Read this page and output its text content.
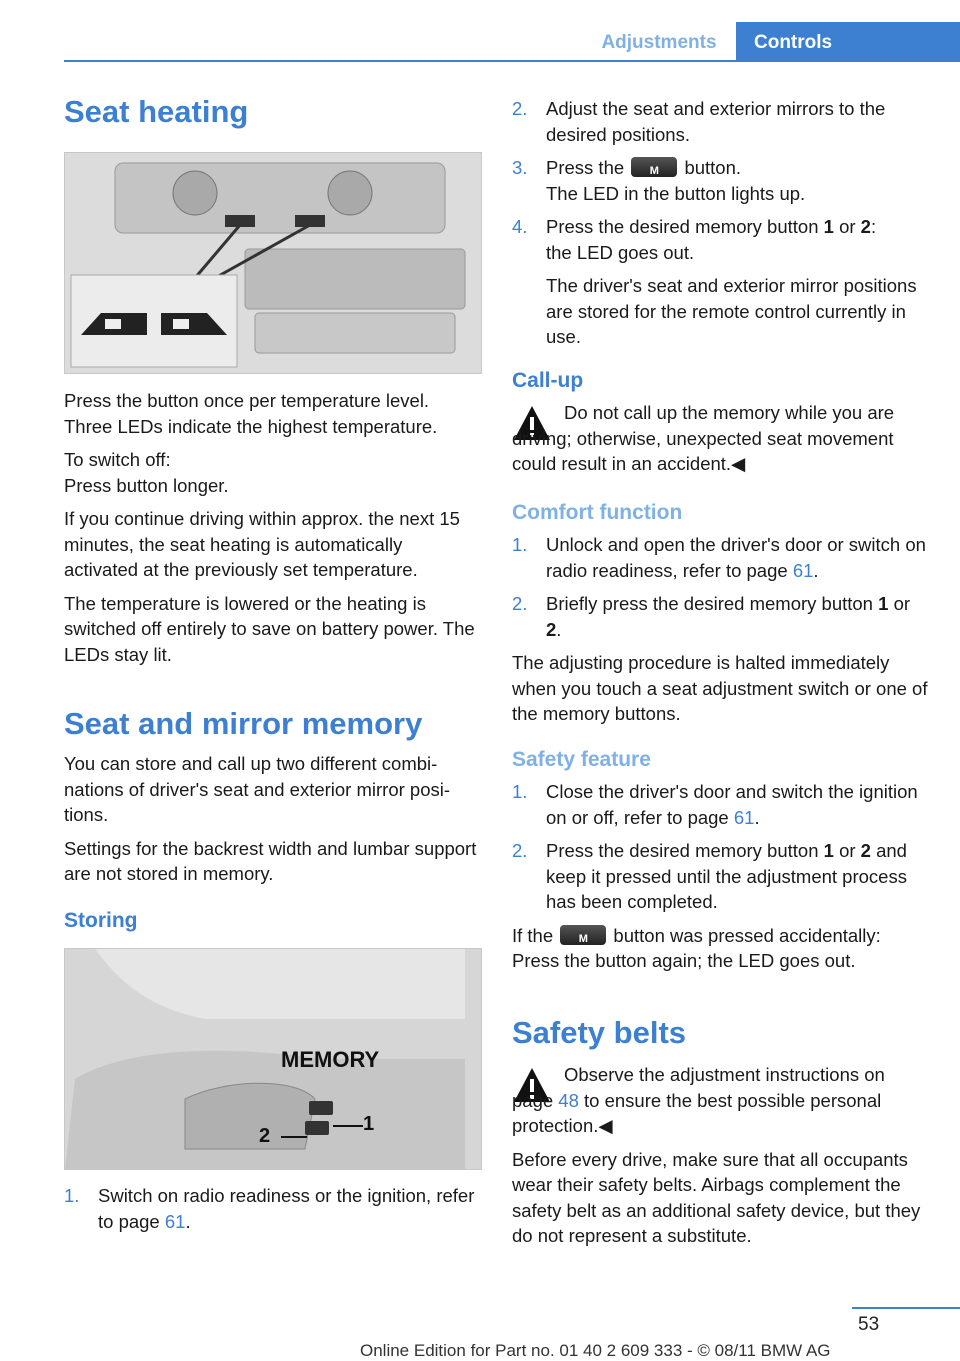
Adjustments	Controls
Seat heating

Press the button once per temperature level. Three LEDs indicate the highest temperature.

To switch off:
Press button longer.

If you continue driving within approx. the next 15 minutes, the seat heating is automatically activated at the previously set temperature.

The temperature is lowered or the heating is switched off entirely to save on battery power. The LEDs stay lit.

Seat and mirror memory

You can store and call up two different combinations of driver's seat and exterior mirror positions.

Settings for the backrest width and lumbar support are not stored in memory.

Storing
MEMORY
1
2
1.	Switch on radio readiness or the ignition, refer to page 61.
2.	Adjust the seat and exterior mirrors to the desired positions.
3.	Press the	M	button.
The LED in the button lights up.
4.	Press the desired memory button 1 or 2:
the LED goes out.
The driver's seat and exterior mirror positions are stored for the remote control currently in use.
Call-up

Do not call up the memory while you are driving; otherwise, unexpected seat movement could result in an accident.◀

Comfort function
1.	Unlock and open the driver's door or switch on radio readiness, refer to page 61.
2.	Briefly press the desired memory button 1 or 2.

The adjusting procedure is halted immediately when you touch a seat adjustment switch or one of the memory buttons.

Safety feature
1.	Close the driver's door and switch the ignition on or off, refer to page 61.
2.	Press the desired memory button 1 or 2 and keep it pressed until the adjustment process has been completed.

If the	M	button was pressed accidentally:
Press the button again; the LED goes out.

Safety belts

Observe the adjustment instructions on page 48 to ensure the best possible personal protection.◀

Before every drive, make sure that all occupants wear their safety belts. Airbags complement the safety belt as an additional safety device, but they do not represent a substitute.

53
Online Edition for Part no. 01 40 2 609 333 - © 08/11 BMW AG
